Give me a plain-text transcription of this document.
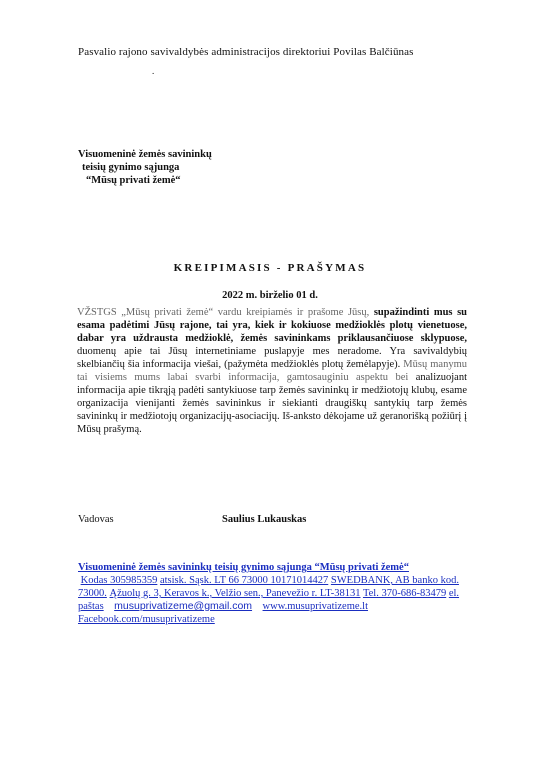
Pasvalio rajono savivaldybės administracijos direktoriui Povilas Balčiūnas
.
Visuomeninė žemės savininkų
teisių gynimo sąjunga
“Mūsų privati žemė“
KREIPIMASIS - PRAŠYMAS
2022 m. birželio 01 d.
VŽSTGS „Mūsų privati žemė“ vardu kreipiamės ir prašome Jūsų, supažindinti mus su esama padėtimi Jūsų rajone, tai yra, kiek ir kokiuose medžioklės plotų vienetuose, dabar yra uždrausta medžioklė, žemės savininkams priklausančiuose sklypuose, duomenų apie tai Jūsų internetiniame puslapyje mes neradome. Yra savivaldybių skelbiančių šia informacija viešai, (pažymėta medžioklės plotų žemėlapyje). Mūsų manymu tai visiems mums labai svarbi informacija, gamtosauginiu aspektu bei analizuojant informacija apie tikrąją padėti santykiuose tarp žemės savininkų ir medžiotojų klubų, esame organizacija vienijanti žemės savininkus ir siekianti draugiškų santykių tarp žemės savininkų ir medžiotojų organizacijų-asociacijų. Iš-anksto dėkojame už geranorišką požiūrį į Mūsų prašymą.
Vadovas	Saulius Lukauskas
Visuomeninė žemės savininkų teisių gynimo sąjunga “Mūsų privati žemė“
Kodas 305985359 atsisk. Sąsk. LT 66 73000 10171014427 SWEDBANK, AB banko kod. 73000. Ąžuolų g. 3, Keravos k., Velžio sen., Panevežio r. LT-38131 Tel. 370-686-83479 el. paštas musuprivatizeme@gmail.com www.musuprivatizeme.lt
Facebook.com/musuprivatizeme
